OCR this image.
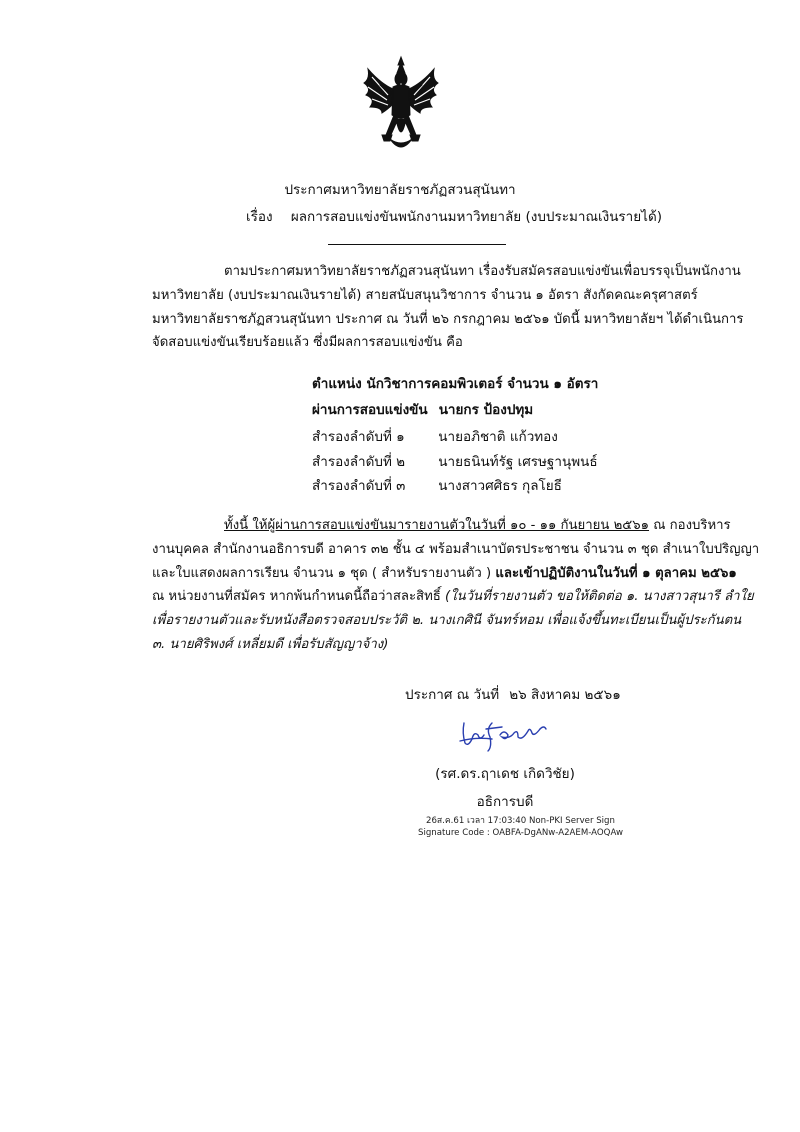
ประกาศมหาวิทยาลัยราชภัฏสวนสุนันทา
เรื่อง ผลการสอบแข่งขันพนักงานมหาวิทยาลัย (งบประมาณเงินรายได้)
ตามประกาศมหาวิทยาลัยราชภัฏสวนสุนันทา เรื่องรับสมัครสอบแข่งขันเพื่อบรรจุเป็นพนักงาน
มหาวิทยาลัย (งบประมาณเงินรายได้) สายสนับสนุนวิชาการ จำนวน ๑ อัตรา สังกัดคณะครุศาสตร์
มหาวิทยาลัยราชภัฏสวนสุนันทา ประกาศ ณ วันที่ ๒๖ กรกฎาคม ๒๕๖๑ บัดนี้ มหาวิทยาลัยฯ ได้ดำเนินการ
จัดสอบแข่งขันเรียบร้อยแล้ว ซึ่งมีผลการสอบแข่งขัน คือ
ตำแหน่ง นักวิชาการคอมพิวเตอร์ จำนวน ๑ อัตรา
ผ่านการสอบแข่งขัน นายกร ป้องปทุม
สำรองลำดับที่ ๑ นายอภิชาติ แก้วทอง
สำรองลำดับที่ ๒ นายธนินท์รัฐ เศรษฐานุพนธ์
สำรองลำดับที่ ๓ นางสาวศศิธร กุลโยธี
ทั้งนี้ ให้ผู้ผ่านการสอบแข่งขันมารายงานตัวในวันที่ ๑๐ - ๑๑ กันยายน ๒๕๖๑ ณ กองบริหาร
งานบุคคล สำนักงานอธิการบดี อาคาร ๓๒ ชั้น ๔ พร้อมสำเนาบัตรประชาชน จำนวน ๓ ชุด สำเนาใบปริญญา
และใบแสดงผลการเรียน จำนวน ๑ ชุด ( สำหรับรายงานตัว ) และเข้าปฏิบัติงานในวันที่ ๑ ตุลาคม ๒๕๖๑
ณ หน่วยงานที่สมัคร หากพ้นกำหนดนี้ถือว่าสละสิทธิ์ (ในวันที่รายงานตัว ขอให้ติดต่อ ๑. นางสาวสุนารี ลำใย
เพื่อรายงานตัวและรับหนังสือตรวจสอบประวัติ ๒. นางเกศินี จันทร์หอม เพื่อแจ้งขึ้นทะเบียนเป็นผู้ประกันตน
๓. นายศิริพงศ์ เหลี่ยมดี เพื่อรับสัญญาจ้าง)
ประกาศ ณ วันที่ ๒๖ สิงหาคม ๒๕๖๑
(รศ.ดร.ฤาเดช เกิดวิชัย)
อธิการบดี
26ส.ค.61 เวลา 17:03:40 Non-PKI Server Sign
Signature Code : OABFA-DgANw-A2AEM-AOQAw
